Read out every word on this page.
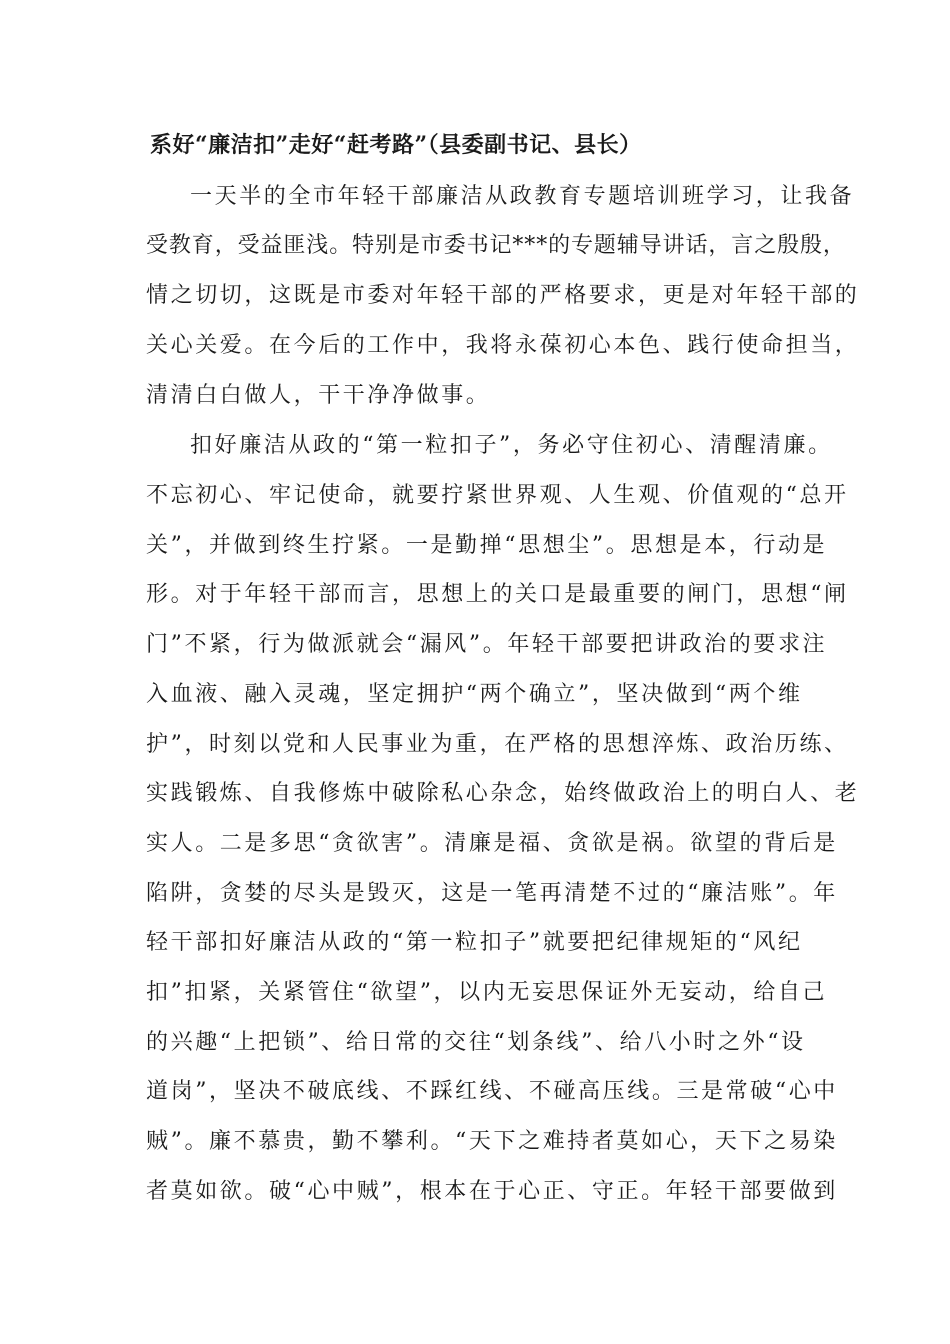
系好“廉洁扣”走好“赶考路”（县委副书记、县长）
一天半的全市年轻干部廉洁从政教育专题培训班学习，让我备
受教育，受益匪浅。特别是市委书记***的专题辅导讲话，言之殷殷，
情之切切，这既是市委对年轻干部的严格要求，更是对年轻干部的
关心关爱。在今后的工作中，我将永葆初心本色、践行使命担当，
清清白白做人，干干净净做事。
扣好廉洁从政的“第一粒扣子”，务必守住初心、清醒清廉。
不忘初心、牢记使命，就要拧紧世界观、人生观、价值观的“总开
关”，并做到终生拧紧。一是勤掸“思想尘”。思想是本，行动是
形。对于年轻干部而言，思想上的关口是最重要的闸门，思想“闸
门”不紧，行为做派就会“漏风”。年轻干部要把讲政治的要求注
入血液、融入灵魂，坚定拥护“两个确立”，坚决做到“两个维
护”，时刻以党和人民事业为重，在严格的思想淬炼、政治历练、
实践锻炼、自我修炼中破除私心杂念，始终做政治上的明白人、老
实人。二是多思“贪欲害”。清廉是福、贪欲是祸。欲望的背后是
陷阱，贪婪的尽头是毁灭，这是一笔再清楚不过的“廉洁账”。年
轻干部扣好廉洁从政的“第一粒扣子”就要把纪律规矩的“风纪
扣”扣紧，关紧管住“欲望”，以内无妄思保证外无妄动，给自己
的兴趣“上把锁”、给日常的交往“划条线”、给八小时之外“设
道岗”，坚决不破底线、不踩红线、不碰高压线。三是常破“心中
贼”。廉不慕贵，勤不攀利。“天下之难持者莫如心，天下之易染
者莫如欲。破“心中贼”，根本在于心正、守正。年轻干部要做到
